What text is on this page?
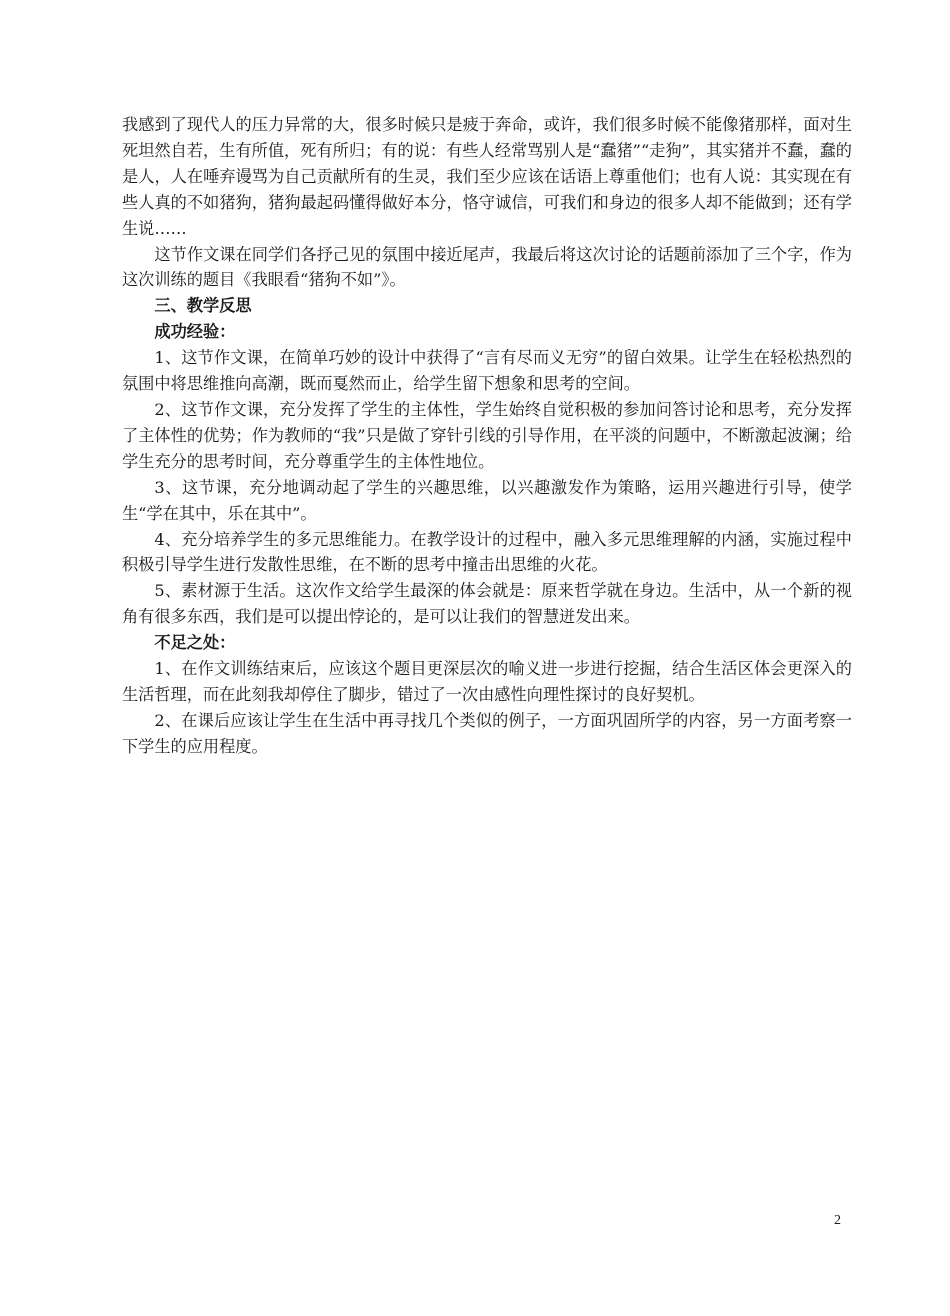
我感到了现代人的压力异常的大，很多时候只是疲于奔命，或许，我们很多时候不能像猪那样，面对生死坦然自若，生有所值，死有所归；有的说：有些人经常骂别人是“蠢猪”“走狗”，其实猪并不蠢，蠢的是人，人在唾弃谩骂为自己贡献所有的生灵，我们至少应该在话语上尊重他们；也有人说：其实现在有些人真的不如猪狗，猪狗最起码懂得做好本分，恪守诚信，可我们和身边的很多人却不能做到；还有学生说……

这节作文课在同学们各抒己见的氛围中接近尾声，我最后将这次讨论的话题前添加了三个字，作为这次训练的题目《我眼看“猪狗不如”》。

三、教学反思

成功经验：

1、这节作文课，在简单巧妙的设计中获得了“言有尽而义无穷”的留白效果。让学生在轻松热烈的氛围中将思维推向高潮，既而戛然而止，给学生留下想象和思考的空间。

2、这节作文课，充分发挥了学生的主体性，学生始终自觉积极的参加问答讨论和思考，充分发挥了主体性的优势；作为教师的“我”只是做了穿针引线的引导作用，在平淡的问题中，不断激起波澜；给学生充分的思考时间，充分尊重学生的主体性地位。

3、这节课，充分地调动起了学生的兴趣思维，以兴趣激发作为策略，运用兴趣进行引导，使学生“学在其中，乐在其中”。

4、充分培养学生的多元思维能力。在教学设计的过程中，融入多元思维理解的内涵，实施过程中积极引导学生进行发散性思维，在不断的思考中撞击出思维的火花。

5、素材源于生活。这次作文给学生最深的体会就是：原来哲学就在身边。生活中，从一个新的视角有很多东西，我们是可以提出悖论的，是可以让我们的智慧迸发出来。

不足之处：

1、在作文训练结束后，应该这个题目更深层次的喻义进一步进行挖掘，结合生活区体会更深入的生活哲理，而在此刻我却停住了脚步，错过了一次由感性向理性探讨的良好契机。

2、在课后应该让学生在生活中再寻找几个类似的例子，一方面巩固所学的内容，另一方面考察一下学生的应用程度。

2
